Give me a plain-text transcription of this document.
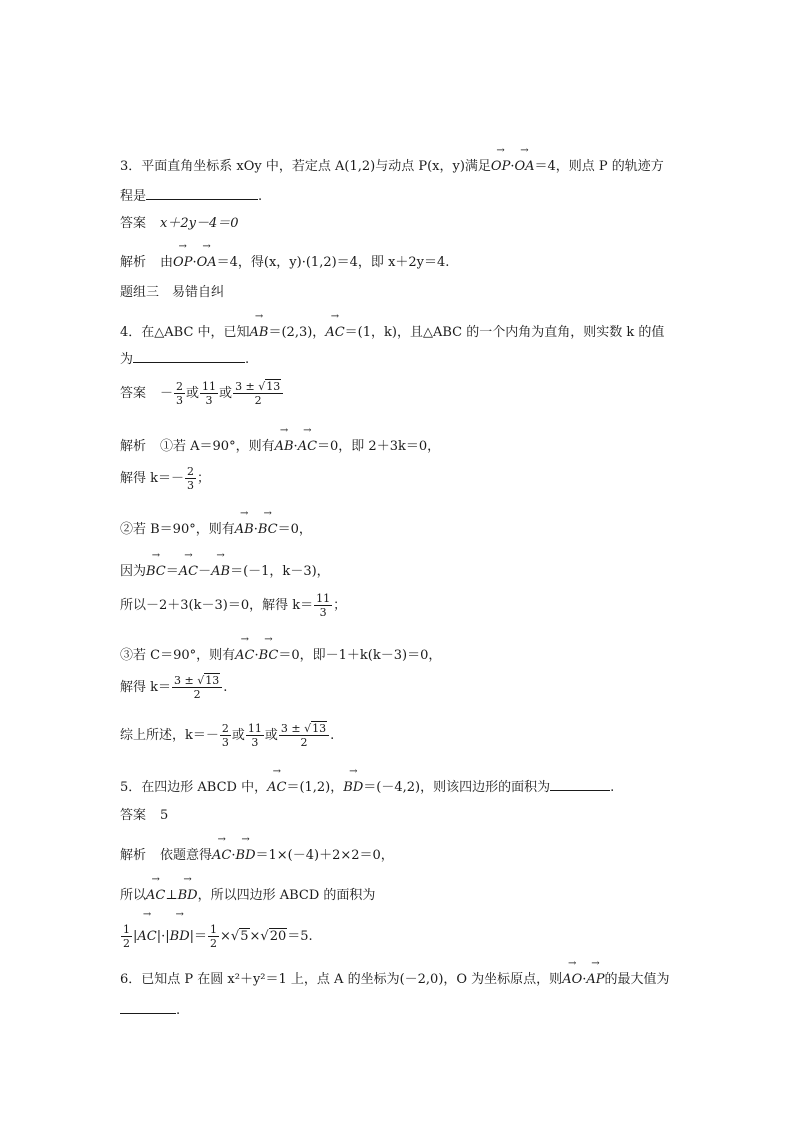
3．平面直角坐标系 xOy 中，若定点 A(1,2)与动点 P(x，y)满足→ OP·→ OA＝4，则点 P 的轨迹方
程是	.
答案 x＋2y－4＝0
解析 由→ OP·→ OA＝4，得(x，y)·(1,2)＝4，即 x＋2y＝4.
题组三　易错自纠
4．在△ABC 中，已知→ AB＝(2,3)，→ AC＝(1，k)，且△ABC 的一个内角为直角，则实数 k 的值
为	.
答案 － $\frac{2}{3}$ 或 $\frac{11}{3}$ 或 $\frac{3 \pm √13}{2}$
解析 ①若 A＝90°，则有→ AB·→ AC＝0，即 2＋3k＝0，
解得 $k=- \frac{2}{3}$ ；
②若 B＝90°，则有→ AB·→ BC＝0，
因为→ BC＝→ AC－→ AB＝(－1，k－3)，
所以－2＋3(k－3)＝0，解得 $k= \frac{11}{3}$ ；
③若 C＝90°，则有→ AC·→ BC＝0，即－1＋k(k－3)＝0，
解得 $k= \frac{3 \pm √13}{2}$ .
综上所述，$k=- \frac{2}{3}$ 或 $\frac{11}{3}$ 或 $\frac{3 \pm √13}{2}$ .
5．在四边形 ABCD 中，→ AC＝(1,2)，→ BD＝(－4,2)，则该四边形的面积为	.
答案 5
解析 依题意得→ AC·→ BD＝1×(－4)＋2×2＝0，
所以→ AC⊥→ BD，所以四边形 ABCD 的面积为
$\frac{1}{2}$ |→ $AC|\cdot|\to BD|= \frac{1}{2} \times√5\times√20=5$.
6．已知点 P 在圆 x²＋y²＝1 上，点 A 的坐标为(－2,0)，O 为坐标原点，则→ AO·→ AP的最大值为
.
